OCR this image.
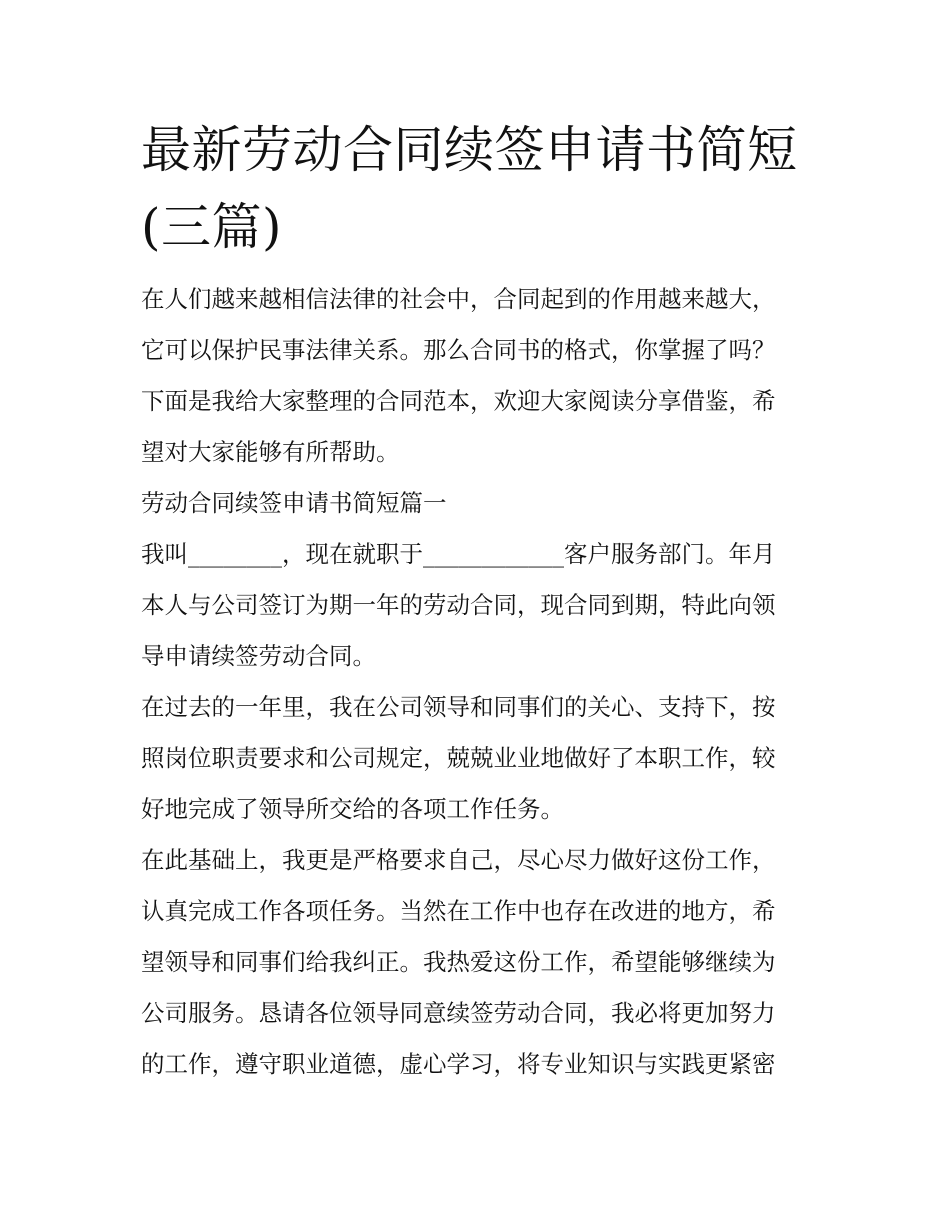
最新劳动合同续签申请书简短
(三篇)
在人们越来越相信法律的社会中，合同起到的作用越来越大，
它可以保护民事法律关系。那么合同书的格式，你掌握了吗？
下面是我给大家整理的合同范本，欢迎大家阅读分享借鉴，希
望对大家能够有所帮助。
劳动合同续签申请书简短篇一
我叫________，现在就职于____________客户服务部门。年月
本人与公司签订为期一年的劳动合同，现合同到期，特此向领
导申请续签劳动合同。
在过去的一年里，我在公司领导和同事们的关心、支持下，按
照岗位职责要求和公司规定，兢兢业业地做好了本职工作，较
好地完成了领导所交给的各项工作任务。
在此基础上，我更是严格要求自己，尽心尽力做好这份工作，
认真完成工作各项任务。当然在工作中也存在改进的地方，希
望领导和同事们给我纠正。我热爱这份工作，希望能够继续为
公司服务。恳请各位领导同意续签劳动合同，我必将更加努力
的工作，遵守职业道德，虚心学习，将专业知识与实践更紧密
